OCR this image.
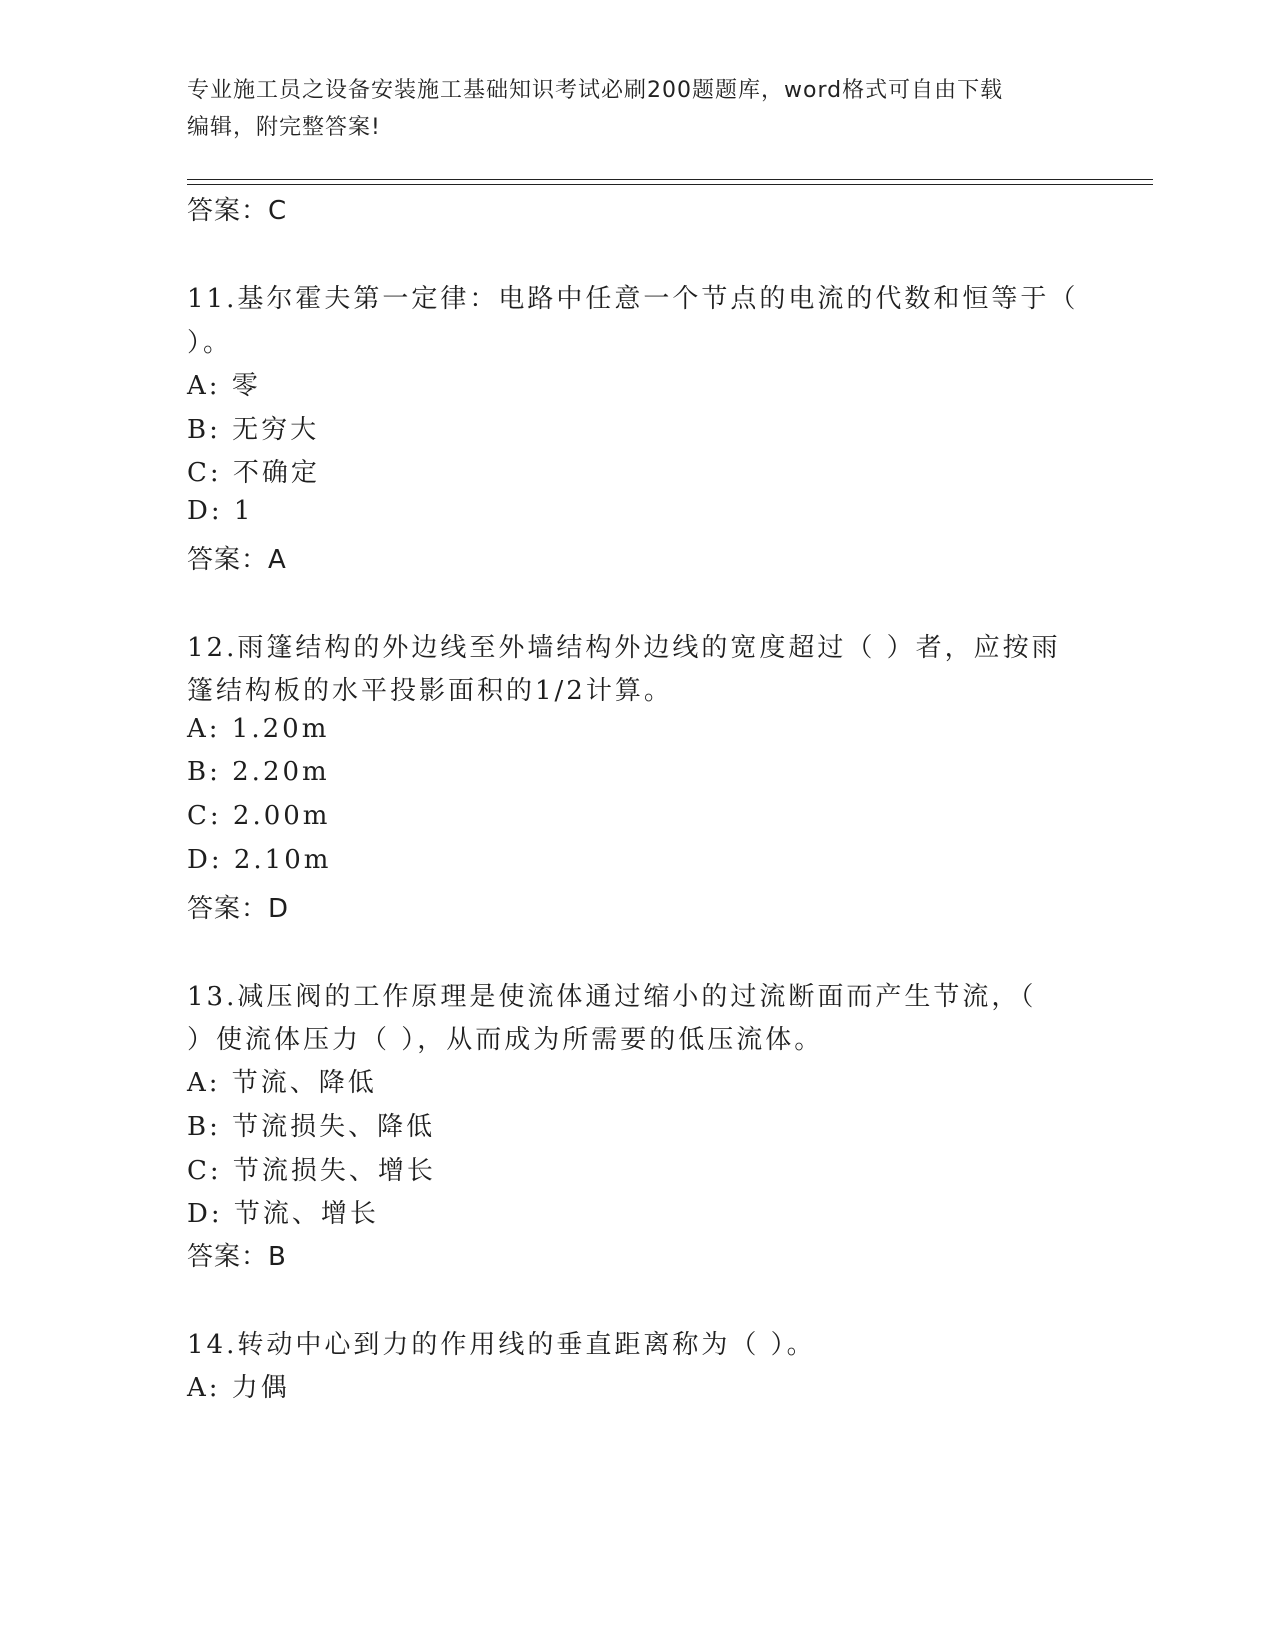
专业施工员之设备安装施工基础知识考试必刷200题题库，word格式可自由下载
编辑，附完整答案!
答案：C
11.基尔霍夫第一定律：电路中任意一个节点的电流的代数和恒等于（
）。
A: 零
B: 无穷大
C: 不确定
D: 1
答案：A
12.雨篷结构的外边线至外墙结构外边线的宽度超过（ ）者，应按雨
篷结构板的水平投影面积的1/2计算。
A: 1.20m
B: 2.20m
C: 2.00m
D: 2.10m
答案：D
13.减压阀的工作原理是使流体通过缩小的过流断面而产生节流，（
）使流体压力（ ），从而成为所需要的低压流体。
A: 节流、降低
B: 节流损失、降低
C: 节流损失、增长
D: 节流、增长
答案：B
14.转动中心到力的作用线的垂直距离称为（ ）。
A: 力偶
